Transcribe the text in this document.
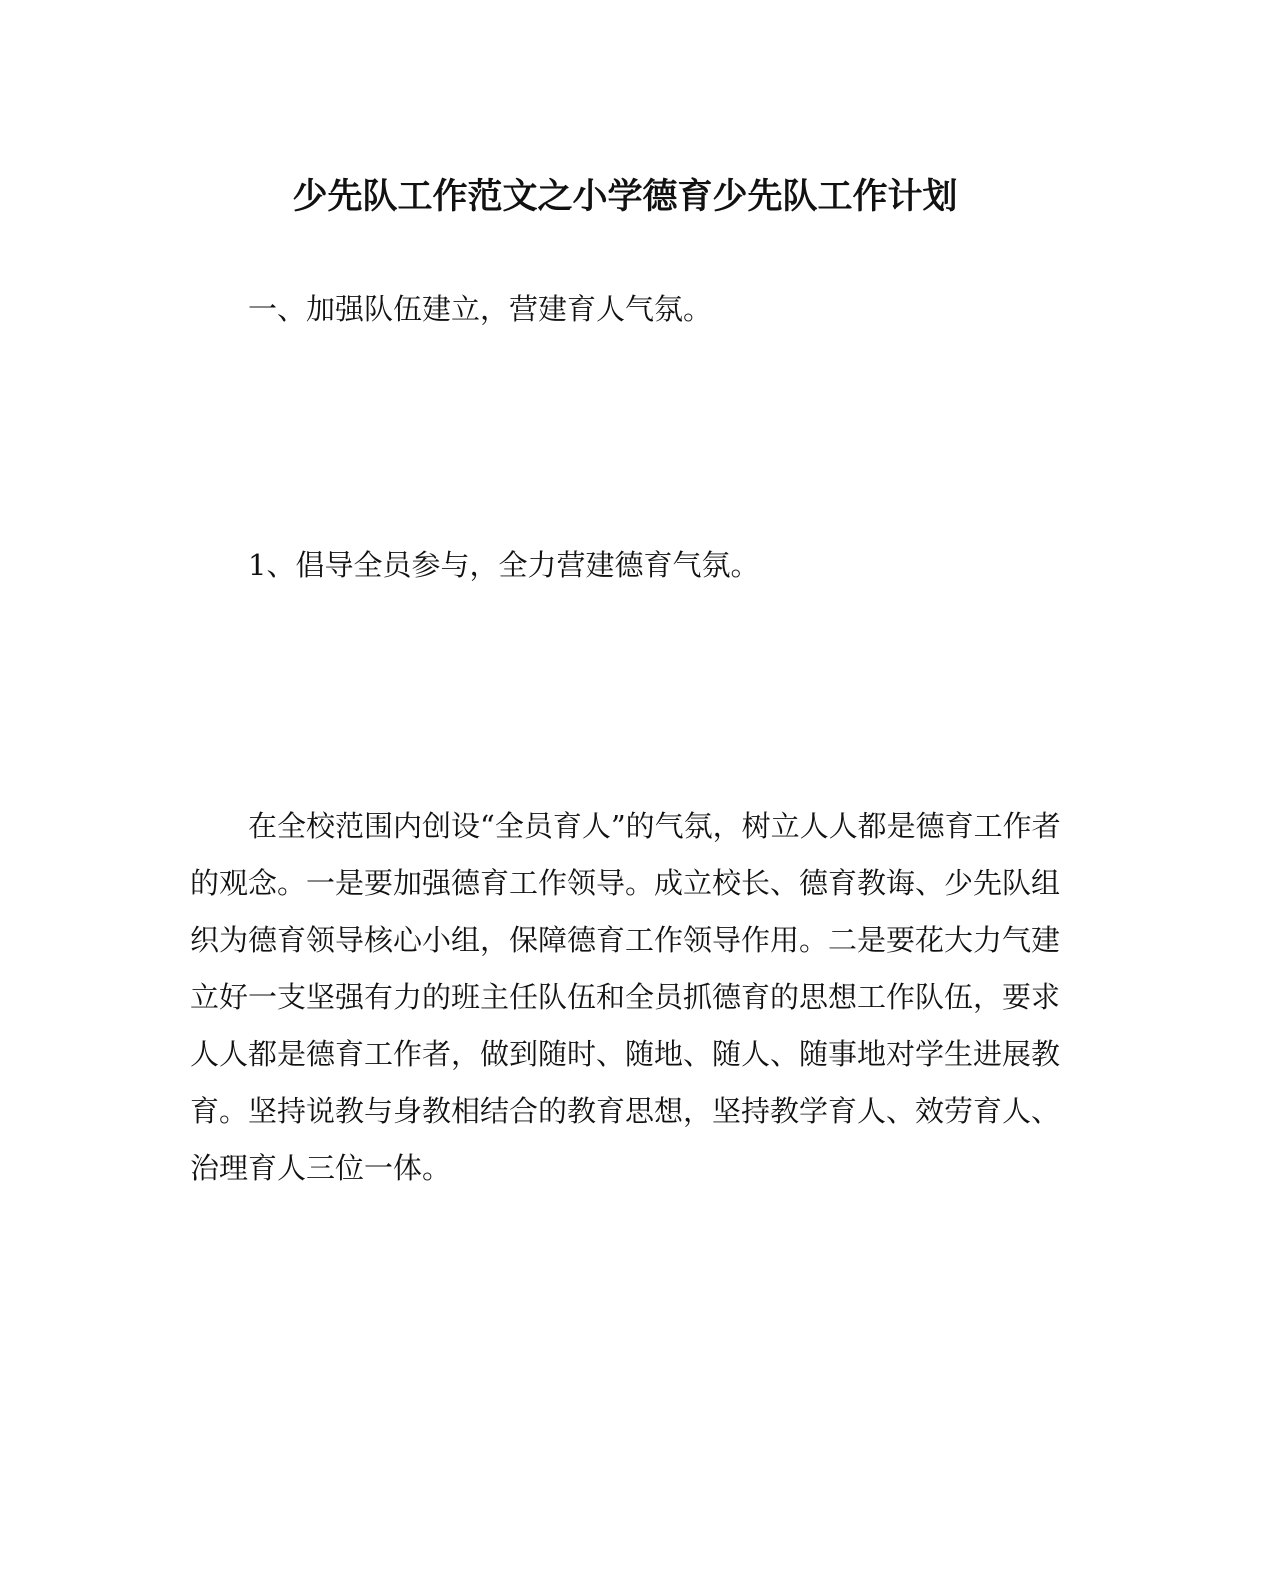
少先队工作范文之小学德育少先队工作计划
一、加强队伍建立，营建育人气氛。
1、倡导全员参与，全力营建德育气氛。
在全校范围内创设“全员育人”的气氛，树立人人都是德育工作者
的观念。一是要加强德育工作领导。成立校长、德育教诲、少先队组
织为德育领导核心小组，保障德育工作领导作用。二是要花大力气建
立好一支坚强有力的班主任队伍和全员抓德育的思想工作队伍，要求
人人都是德育工作者，做到随时、随地、随人、随事地对学生进展教
育。坚持说教与身教相结合的教育思想，坚持教学育人、效劳育人、
治理育人三位一体。
